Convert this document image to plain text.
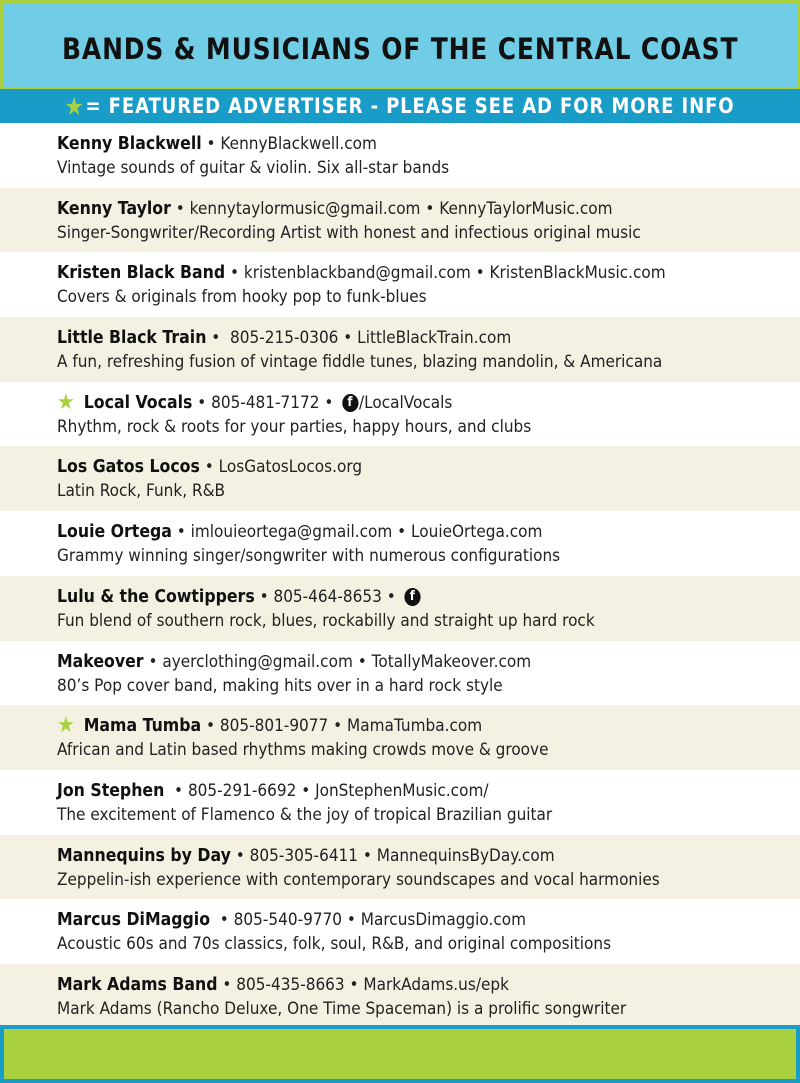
BANDS & MUSICIANS OF THE CENTRAL COAST
★ = FEATURED ADVERTISER - PLEASE SEE AD FOR MORE INFO
Kenny Blackwell • KennyBlackwell.com
Vintage sounds of guitar & violin. Six all-star bands
Kenny Taylor • kennytaylormusic@gmail.com • KennyTaylorMusic.com
Singer-Songwriter/Recording Artist with honest and infectious original music
Kristen Black Band • kristenblackband@gmail.com • KristenBlackMusic.com
Covers & originals from hooky pop to funk-blues
Little Black Train •  805-215-0306 • LittleBlackTrain.com
A fun, refreshing fusion of vintage fiddle tunes, blazing mandolin, & Americana
★ Local Vocals • 805-481-7172 • f /LocalVocals
Rhythm, rock & roots for your parties, happy hours, and clubs
Los Gatos Locos • LosGatosLocos.org
Latin Rock, Funk, R&B
Louie Ortega • imlouieortega@gmail.com • LouieOrtega.com
Grammy winning singer/songwriter with numerous configurations
Lulu & the Cowtippers • 805-464-8653 • f
Fun blend of southern rock, blues, rockabilly and straight up hard rock
Makeover • ayerclothing@gmail.com • TotallyMakeover.com
80’s Pop cover band, making hits over in a hard rock style
★ Mama Tumba • 805-801-9077 • MamaTumba.com
African and Latin based rhythms making crowds move & groove
Jon Stephen • 805-291-6692 • JonStephenMusic.com/
The excitement of Flamenco & the joy of tropical Brazilian guitar
Mannequins by Day • 805-305-6411 • MannequinsByDay.com
Zeppelin-ish experience with contemporary soundscapes and vocal harmonies
Marcus DiMaggio • 805-540-9770 • MarcusDimaggio.com
Acoustic 60s and 70s classics, folk, soul, R&B, and original compositions
Mark Adams Band • 805-435-8663 • MarkAdams.us/epk
Mark Adams (Rancho Deluxe, One Time Spaceman) is a prolific songwriter
